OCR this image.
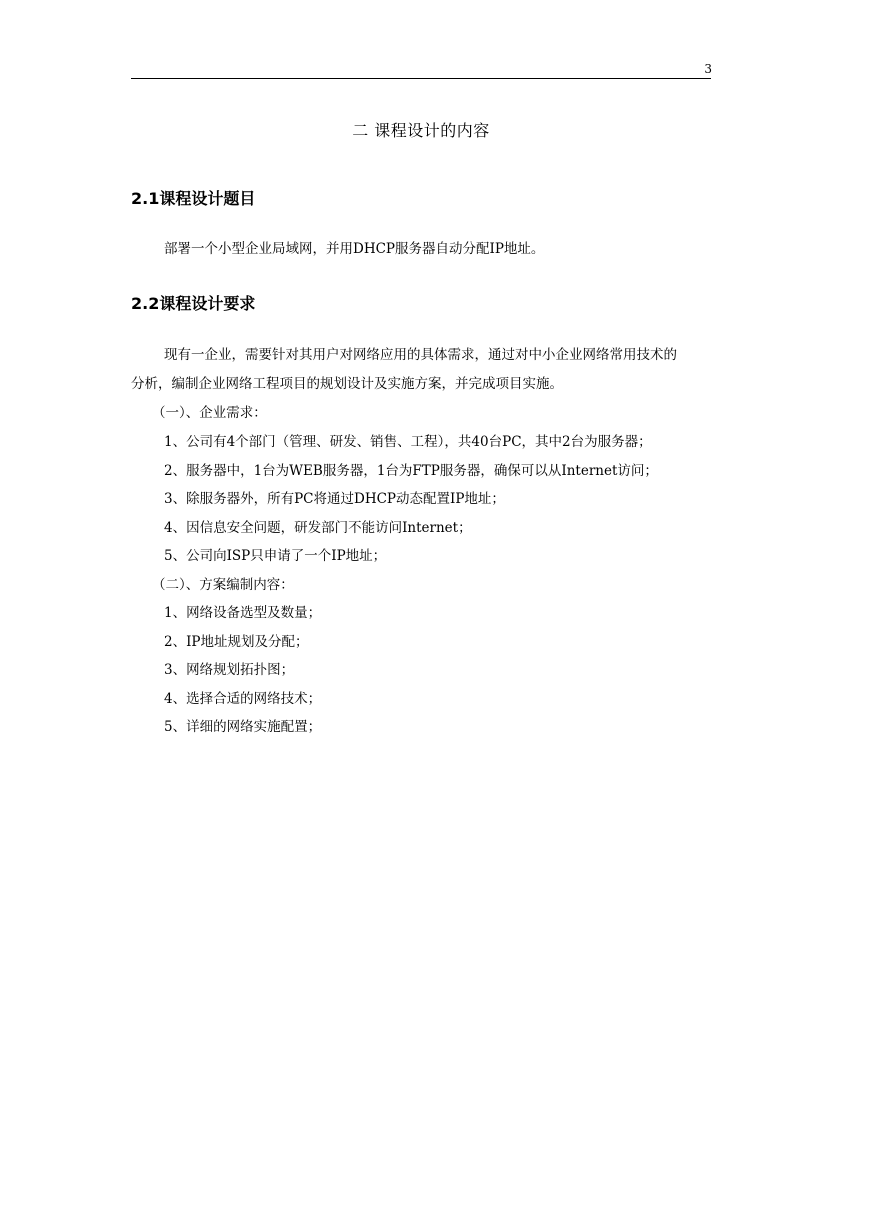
3
二 课程设计的内容
2.1课程设计题目
部署一个小型企业局域网，并用DHCP服务器自动分配IP地址。
2.2课程设计要求
现有一企业，需要针对其用户对网络应用的具体需求，通过对中小企业网络常用技术的
分析，编制企业网络工程项目的规划设计及实施方案，并完成项目实施。
（一）、企业需求：
1、公司有4个部门（管理、研发、销售、工程），共40台PC，其中2台为服务器；
2、服务器中，1台为WEB服务器，1台为FTP服务器，确保可以从Internet访问；
3、除服务器外，所有PC将通过DHCP动态配置IP地址；
4、因信息安全问题，研发部门不能访问Internet；
5、公司向ISP只申请了一个IP地址；
（二）、方案编制内容：
1、网络设备选型及数量；
2、IP地址规划及分配；
3、网络规划拓扑图；
4、选择合适的网络技术；
5、详细的网络实施配置；
